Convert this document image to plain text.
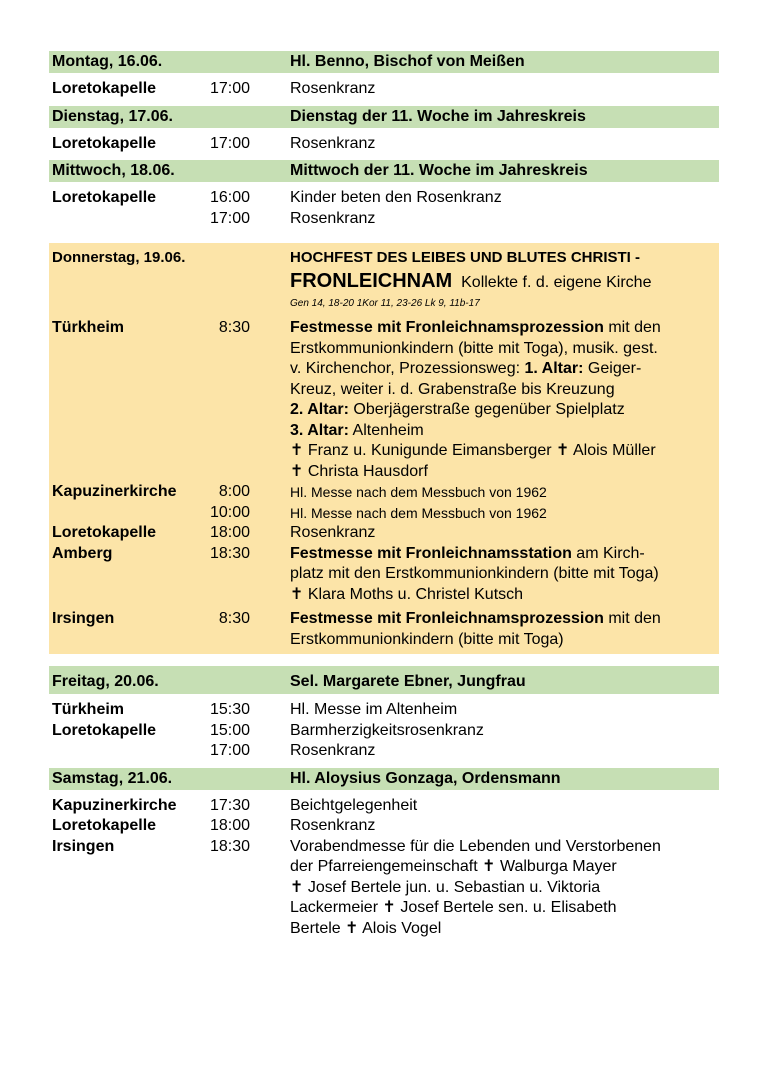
Montag, 16.06.	Hl. Benno, Bischof von Meißen
Loretokapelle	17:00	Rosenkranz
Dienstag, 17.06.	Dienstag der 11. Woche im Jahreskreis
Loretokapelle	17:00	Rosenkranz
Mittwoch, 18.06.	Mittwoch der 11. Woche im Jahreskreis
Loretokapelle	16:00	Kinder beten den Rosenkranz
17:00	Rosenkranz
Donnerstag, 19.06.	HOCHFEST DES LEIBES UND BLUTES CHRISTI -
FRONLEICHNAM Kollekte f. d. eigene Kirche
Gen 14, 18-20 1Kor 11, 23-26 Lk 9, 11b-17
Türkheim	8:30	Festmesse mit Fronleichnamsprozession mit den
Erstkommunionkindern (bitte mit Toga), musik. gest.
v. Kirchenchor, Prozessionsweg: 1. Altar: Geiger-
Kreuz, weiter i. d. Grabenstraße bis Kreuzung
2. Altar: Oberjägerstraße gegenüber Spielplatz
3. Altar: Altenheim
✝ Franz u. Kunigunde Eimansberger ✝ Alois Müller
✝ Christa Hausdorf
Kapuzinerkirche	8:00	Hl. Messe nach dem Messbuch von 1962
10:00	Hl. Messe nach dem Messbuch von 1962
Loretokapelle	18:00	Rosenkranz
Amberg	18:30	Festmesse mit Fronleichnamsstation am Kirch-
platz mit den Erstkommunionkindern (bitte mit Toga)
✝ Klara Moths u. Christel Kutsch
Irsingen	8:30	Festmesse mit Fronleichnamsprozession mit den
Erstkommunionkindern (bitte mit Toga)
Freitag, 20.06.	Sel. Margarete Ebner, Jungfrau
Türkheim	15:30	Hl. Messe im Altenheim
Loretokapelle	15:00	Barmherzigkeitsrosenkranz
17:00	Rosenkranz
Samstag, 21.06.	Hl. Aloysius Gonzaga, Ordensmann
Kapuzinerkirche	17:30	Beichtgelegenheit
Loretokapelle	18:00	Rosenkranz
Irsingen	18:30	Vorabendmesse für die Lebenden und Verstorbenen
der Pfarreiengemeinschaft ✝ Walburga Mayer
✝ Josef Bertele jun. u. Sebastian u. Viktoria
Lackermeier ✝ Josef Bertele sen. u. Elisabeth
Bertele ✝ Alois Vogel
